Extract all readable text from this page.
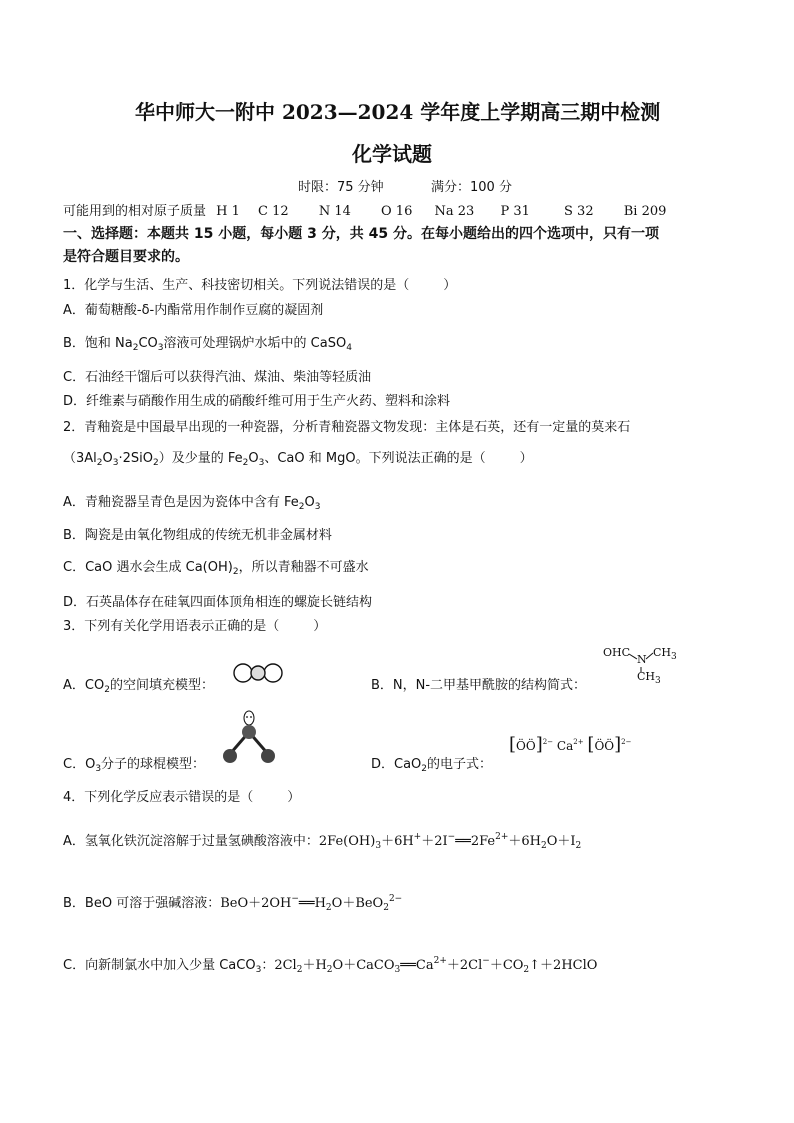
华中师大一附中 2023—2024 学年度上学期高三期中检测
化学试题
时限：75 分钟	满分：100 分
可能用到的相对原子质量 H 1 C 12 N 14 O 16 Na 23 P 31	S 32 Bi 209
一、选择题：本题共 15 小题，每小题 3 分，共 45 分。在每小题给出的四个选项中，只有一项
是符合题目要求的。
1．化学与生活、生产、科技密切相关。下列说法错误的是（	）
A．葡萄糖酸-δ-内酯常用作制作豆腐的凝固剂
B．饱和 $Na_2CO_3$溶液可处理锅炉水垢中的 CaSO$_4$
C．石油经干馏后可以获得汽油、煤油、柴油等轻质油
D．纤维素与硝酸作用生成的硝酸纤维可用于生产火药、塑料和涂料
2．青釉瓷是中国最早出现的一种瓷器，分析青釉瓷器文物发现：主体是石英，还有一定量的莫来石
$(3Al_2O_3\cdot 2SiO_2)$及少量的 $Fe_2O_3$、CaO 和 MgO。下列说法正确的是（	）
A．青釉瓷器呈青色是因为瓷体中含有 $Fe_2O_3$
B．陶瓷是由氧化物组成的传统无机非金属材料
C．CaO 遇水会生成 $Ca(OH)_2$，所以青釉器不可盛水
D．石英晶体存在硅氧四面体顶角相连的螺旋长链结构
3．下列有关化学用语表示正确的是（	）
A．$CO_2$的空间填充模型：	B．N，N-二甲基甲酰胺的结构简式：
OHC
N
$CH_3$
$CH_3$
C．$O_3$分子的球棍模型：	D．CaO$_2$的电子式：
[ÖÖ]$^{2-}$ $Ca^{2+}$ [ÖÖ]$^{2-}$
4．下列化学反应表示错误的是（	）
A．氢氧化铁沉淀溶解于过量氢碘酸溶液中：$2Fe(OH)_3+6H^++2I^-══2Fe^{2+}+6H_2O+I_2$
B．BeO 可溶于强碱溶液：$BeO+2OH^-══H_2O+BeO_2^{2-}$
C．向新制氯水中加入少量 CaCO$_3$：$2Cl_2+H_2O+CaCO_3══Ca^{2+}+2Cl^-+CO_2↑+2HClO$
